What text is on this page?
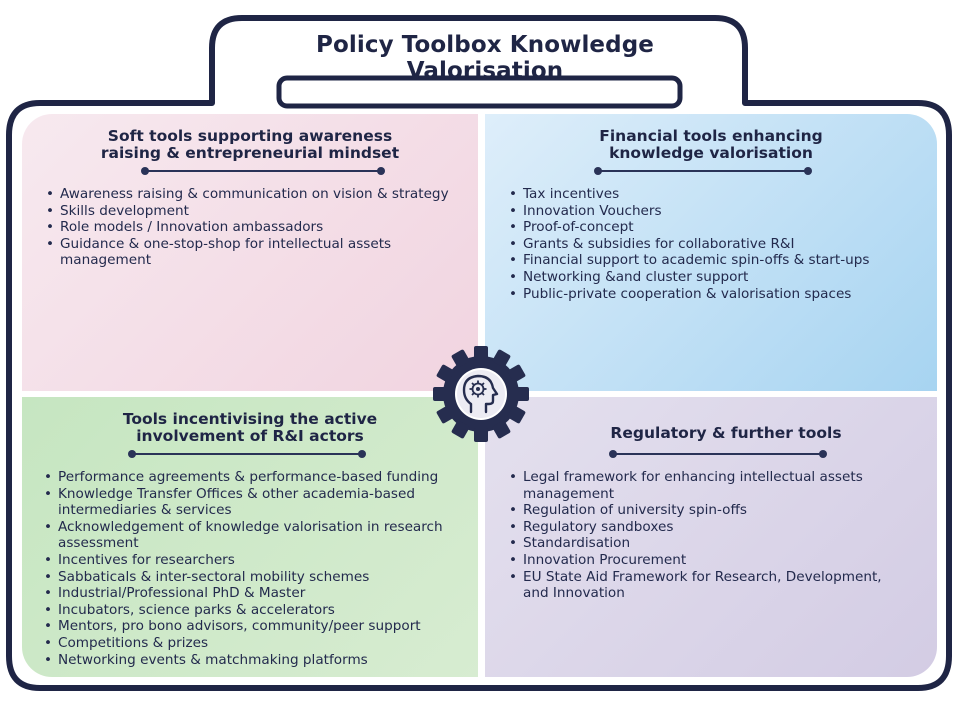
Policy Toolbox Knowledge Valorisation
Soft tools supporting awareness
raising & entrepreneurial mindset
• Awareness raising & communication on vision & strategy
• Skills development
• Role models / Innovation ambassadors
• Guidance & one-stop-shop for intellectual assets management
Financial tools enhancing
knowledge valorisation
• Tax incentives
• Innovation Vouchers
• Proof-of-concept
• Grants & subsidies for collaborative R&I
• Financial support to academic spin-offs & start-ups
• Networking &and cluster support
• Public-private cooperation & valorisation spaces
Tools incentivising the active
involvement of R&I actors
• Performance agreements & performance-based funding
• Knowledge Transfer Offices & other academia-based intermediaries & services
• Acknowledgement of knowledge valorisation in research assessment
• Incentives for researchers
• Sabbaticals & inter-sectoral mobility schemes
• Industrial/Professional PhD & Master
• Incubators, science parks & accelerators
• Mentors, pro bono advisors, community/peer support
• Competitions & prizes
• Networking events & matchmaking platforms
Regulatory & further tools
• Legal framework for enhancing intellectual assets management
• Regulation of university spin-offs
• Regulatory sandboxes
• Standardisation
• Innovation Procurement
• EU State Aid Framework for Research, Development, and Innovation
